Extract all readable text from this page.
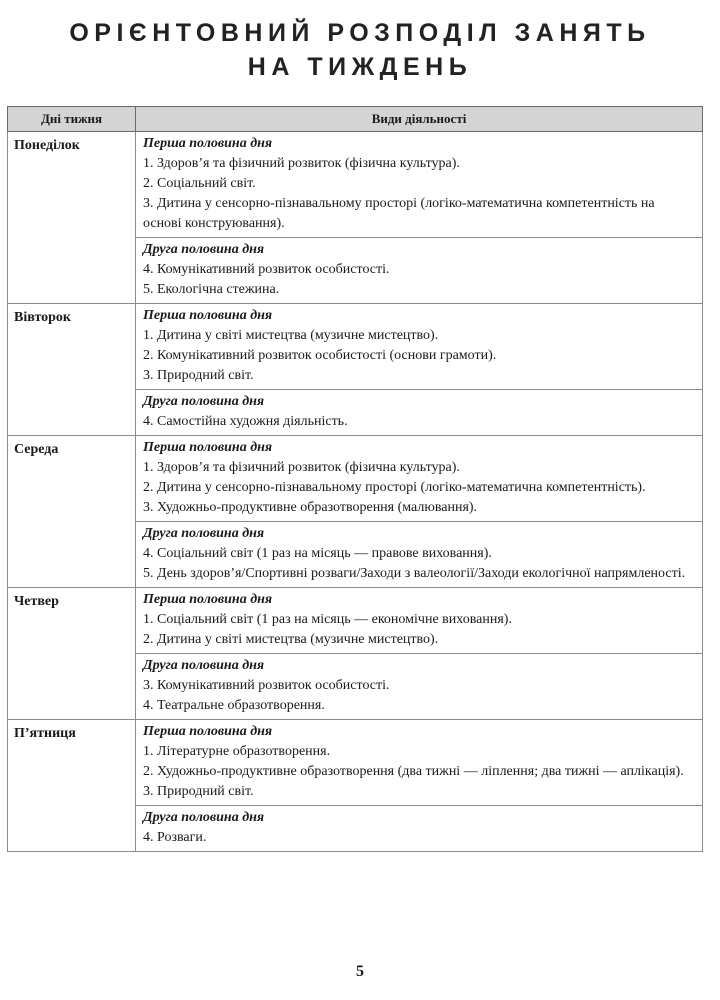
ОРІЄНТОВНИЙ РОЗПОДІЛ ЗАНЯТЬ
НА ТИЖДЕНЬ
Дні тижня	Види діяльності
Понеділок	Перша половина дня
1. Здоров’я та фізичний розвиток (фізична культура).
2. Соціальний світ.
3. Дитина у сенсорно-пізнавальному просторі (логіко-математична компетентність на основі конструювання).

	Друга половина дня
4. Комунікативний розвиток особистості.
5. Екологічна стежина.

Вівторок	Перша половина дня
1. Дитина у світі мистецтва (музичне мистецтво).
2. Комунікативний розвиток особистості (основи грамоти).
3. Природний світ.

	Друга половина дня
4. Самостійна художня діяльність.

Середа	Перша половина дня
1. Здоров’я та фізичний розвиток (фізична культура).
2. Дитина у сенсорно-пізнавальному просторі (логіко-математична компетентність).
3. Художньо-продуктивне образотворення (малювання).

	Друга половина дня
4. Соціальний світ (1 раз на місяць — правове виховання).
5. День здоров’я/Спортивні розваги/Заходи з валеології/Заходи екологічної напрямленості.

Четвер	Перша половина дня
1. Соціальний світ (1 раз на місяць — економічне виховання).
2. Дитина у світі мистецтва (музичне мистецтво).

	Друга половина дня
3. Комунікативний розвиток особистості.
4. Театральне образотворення.

П’ятниця	Перша половина дня
1. Літературне образотворення.
2. Художньо-продуктивне образотворення (два тижні — ліплення; два тижні — аплікація).
3. Природний світ.

	Друга половина дня
4. Розваги.
5
